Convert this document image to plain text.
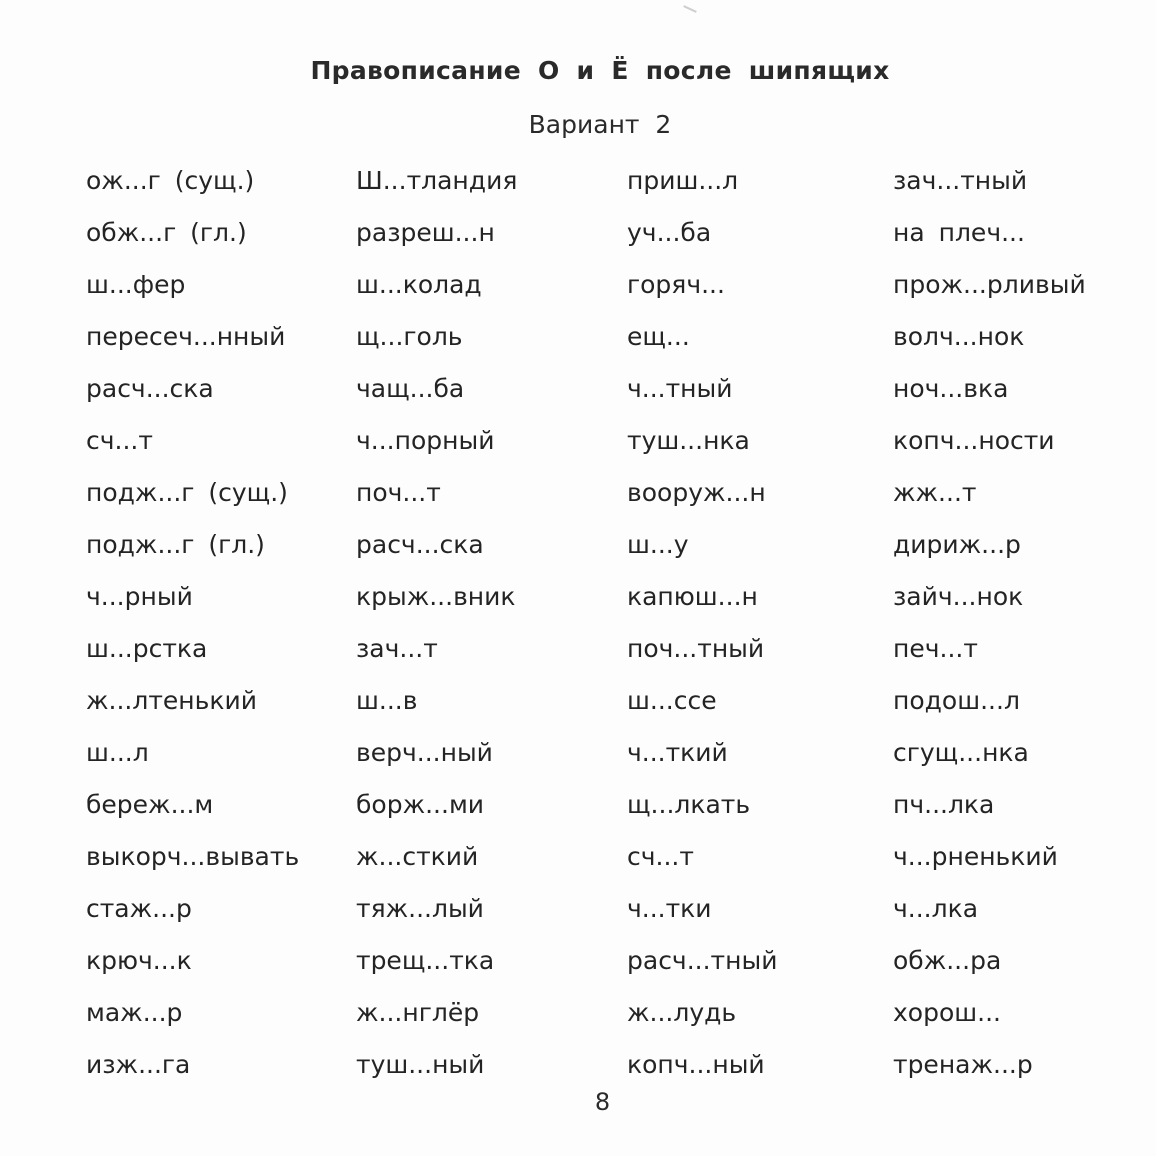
Правописание О и Ё после шипящих
Вариант 2
ож...г (сущ.)
обж...г (гл.)
ш...фер
пересеч...нный
расч...ска
сч...т
подж...г (сущ.)
подж...г (гл.)
ч...рный
ш...рстка
ж...лтенький
ш...л
береж...м
выкорч...вывать
стаж...р
крюч...к
маж...р
изж...га
Ш...тландия
разреш...н
ш...колад
щ...голь
чащ...ба
ч...порный
поч...т
расч...ска
крыж...вник
зач...т
ш...в
верч...ный
борж...ми
ж...сткий
тяж...лый
трещ...тка
ж...нглёр
туш...ный
приш...л
уч...ба
горяч...
ещ...
ч...тный
туш...нка
вооруж...н
ш...у
капюш...н
поч...тный
ш...ссе
ч...ткий
щ...лкать
сч...т
ч...тки
расч...тный
ж...лудь
копч...ный
зач...тный
на плеч...
прож...рливый
волч...нок
ноч...вка
копч...ности
жж...т
дириж...р
зайч...нок
печ...т
подош...л
сгущ...нка
пч...лка
ч...рненький
ч...лка
обж...ра
хорош...
тренаж...р
8
